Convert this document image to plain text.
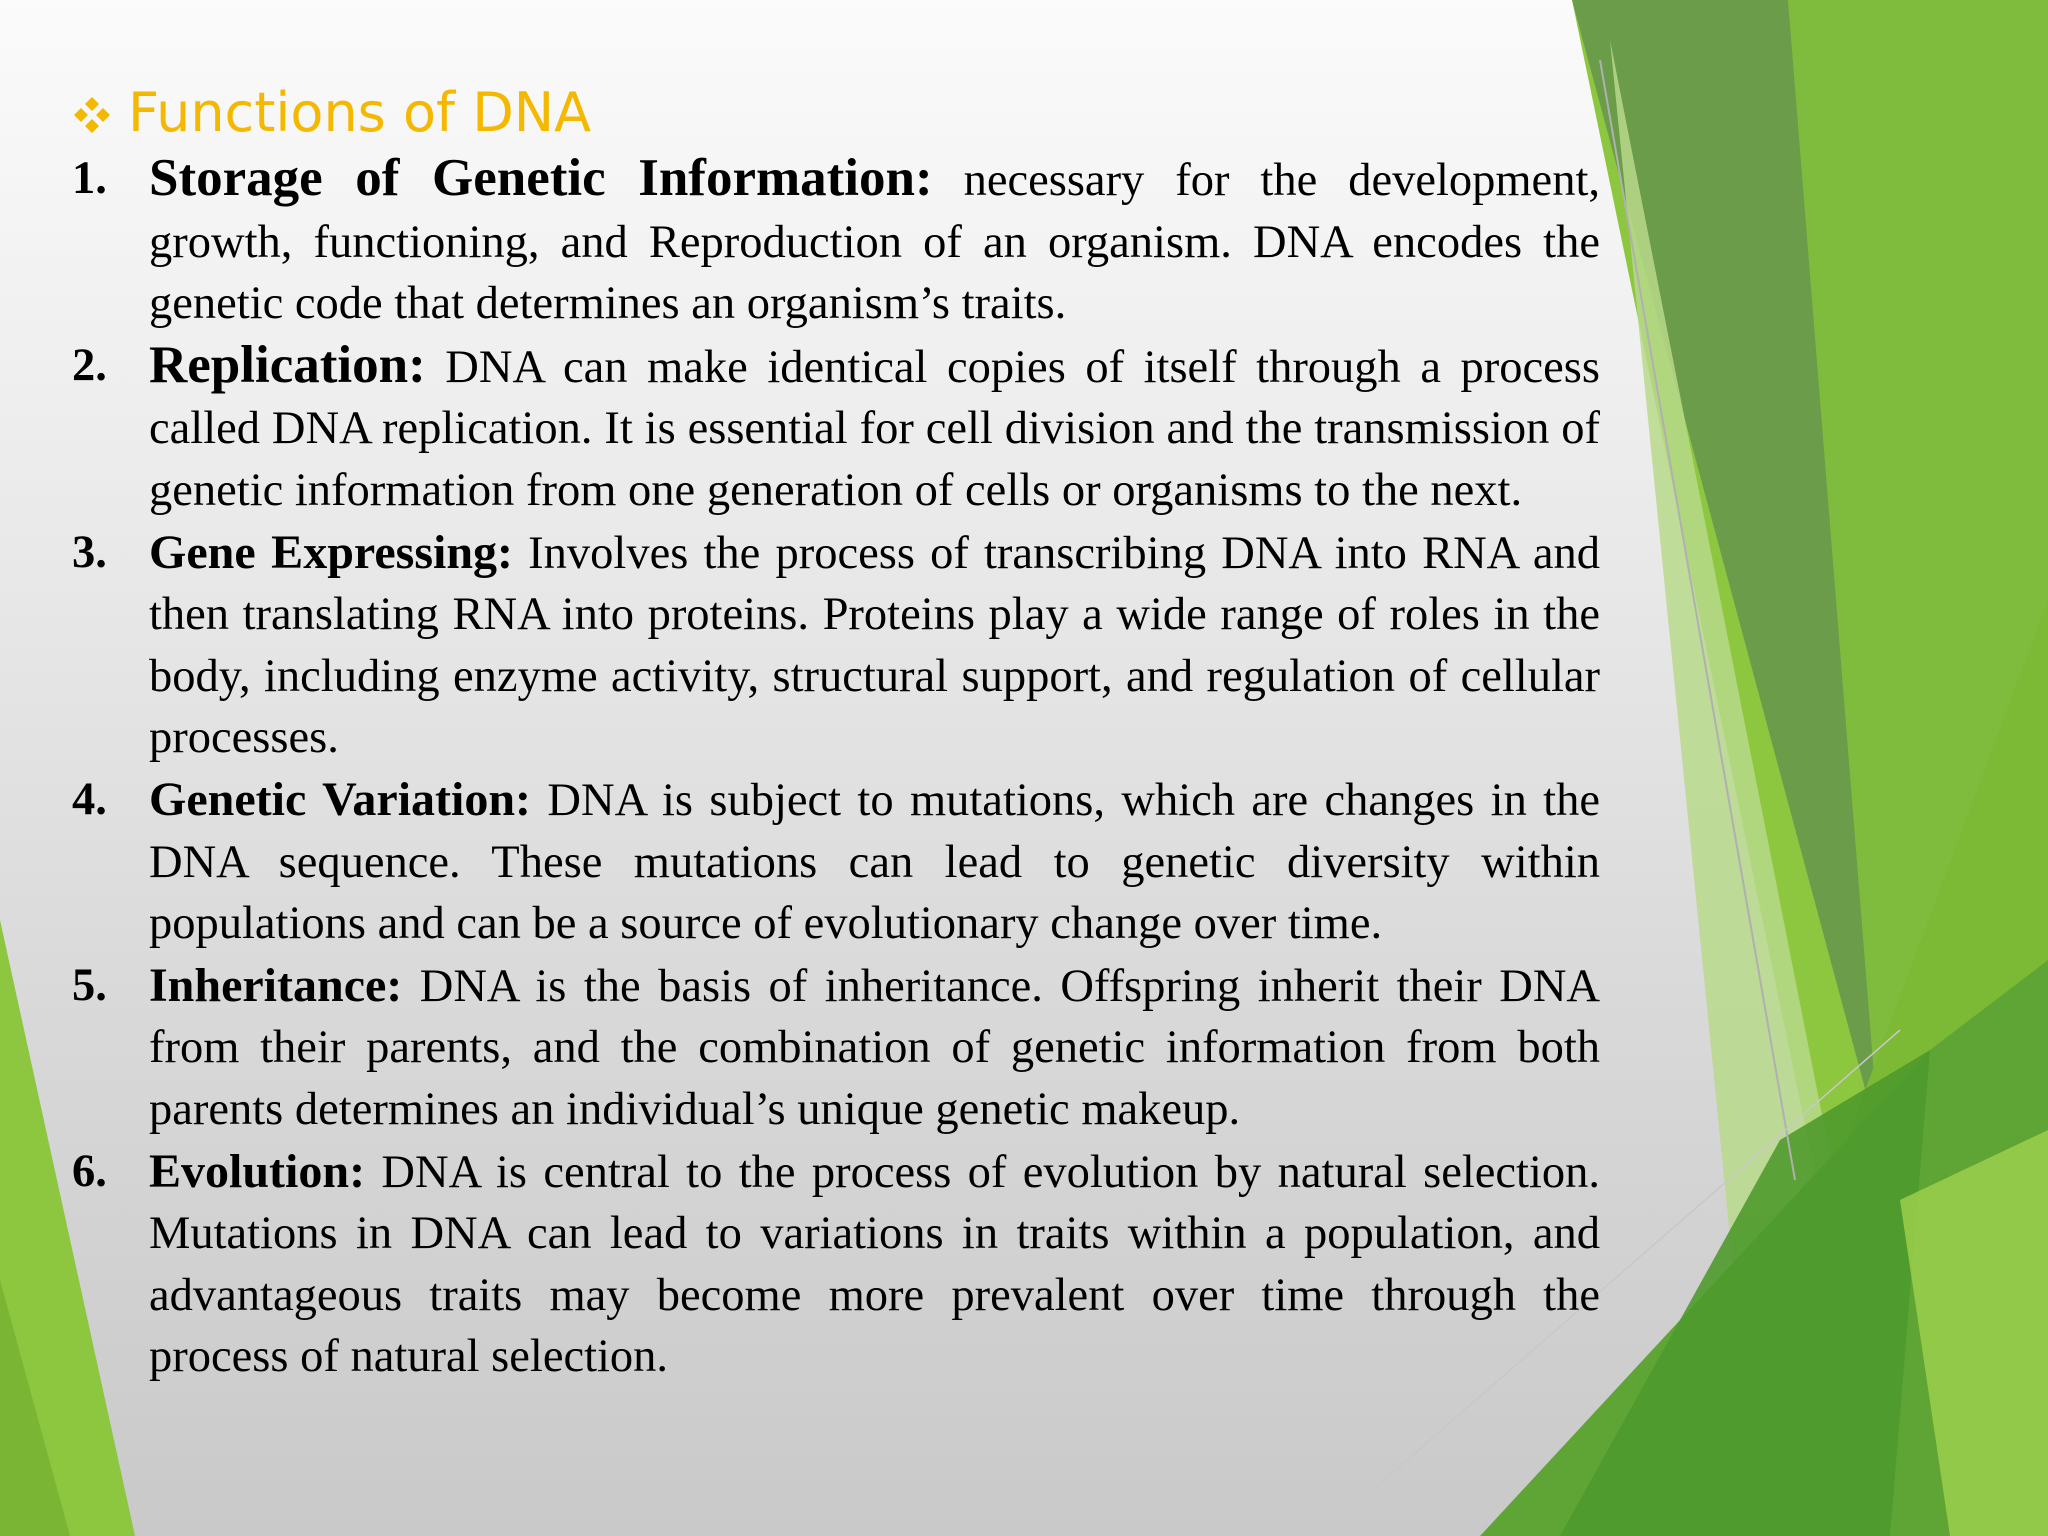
Functions of DNA
1. Storage of Genetic Information: necessary for the development, growth, functioning, and Reproduction of an organism. DNA encodes the genetic code that determines an organism’s traits.
2. Replication: DNA can make identical copies of itself through a process called DNA replication. It is essential for cell division and the transmission of genetic information from one generation of cells or organisms to the next.
3. Gene Expressing: Involves the process of transcribing DNA into RNA and then translating RNA into proteins. Proteins play a wide range of roles in the body, including enzyme activity, structural support, and regulation of cellular processes.
4. Genetic Variation: DNA is subject to mutations, which are changes in the DNA sequence. These mutations can lead to genetic diversity within populations and can be a source of evolutionary change over time.
5. Inheritance: DNA is the basis of inheritance. Offspring inherit their DNA from their parents, and the combination of genetic information from both parents determines an individual’s unique genetic makeup.
6. Evolution: DNA is central to the process of evolution by natural selection. Mutations in DNA can lead to variations in traits within a population, and advantageous traits may become more prevalent over time through the process of natural selection.
